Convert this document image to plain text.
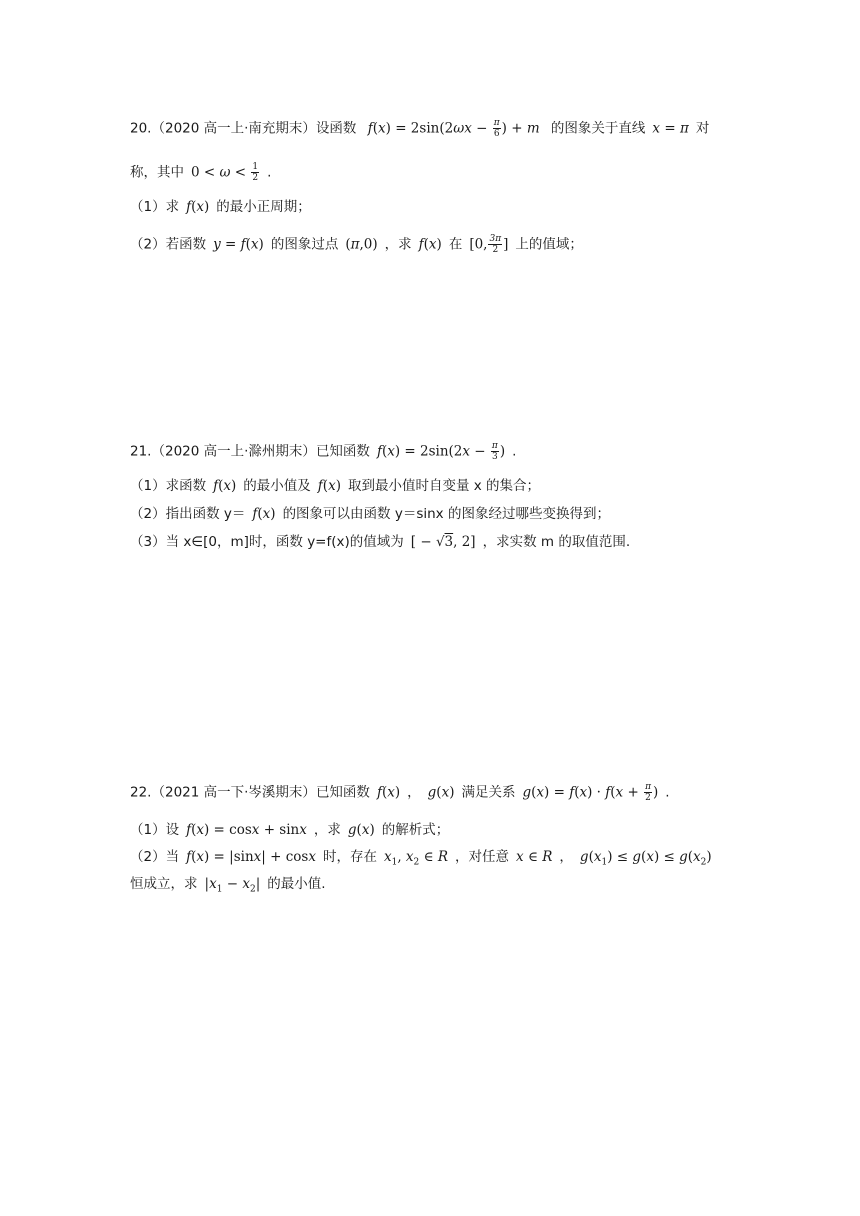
20.（2020 高一上·南充期末）设函数 $f(x) = 2\sin(2\omega x - \frac{\pi}{6}$ ) + m 的图象关于直线 x = π 对
称，其中 $0 < \omega < \frac{1}{2}$ .
（1）求 f(x) 的最小正周期；
（2）若函数 y = f(x) 的图象过点 (π,0) ，求 f(x) 在 [0, $\frac{3\pi}{2}$ ] 上的值域；
21.（2020 高一上·滁州期末）已知函数 $f(x) = 2\sin(2x - \frac{\pi}{3}$ ) .
（1）求函数 f(x) 的最小值及 f(x) 取到最小值时自变量 x 的集合；
（2）指出函数 y＝ f(x) 的图象可以由函数 y＝sinx 的图象经过哪些变换得到；
（3）当 x∈[0，m]时，函数 y=f(x)的值域为 [ − √3, 2] ，求实数 m 的取值范围.
22.（2021 高一下·岑溪期末）已知函数 f(x) ， g(x) 满足关系 $g(x) = f(x) \cdot f(x + \frac{\pi}{2}$ ) .
（1）设 f(x) = cosx + sinx ，求 g(x) 的解析式；
（2）当 f(x) = |sinx| + cosx 时，存在 $x_1$, $x_2$ ∈ R ，对任意 x ∈ R ， $g(x_1) \le g(x) \le g(x_2)$
恒成立，求 $|x_1 - x_2|$ 的最小值.
